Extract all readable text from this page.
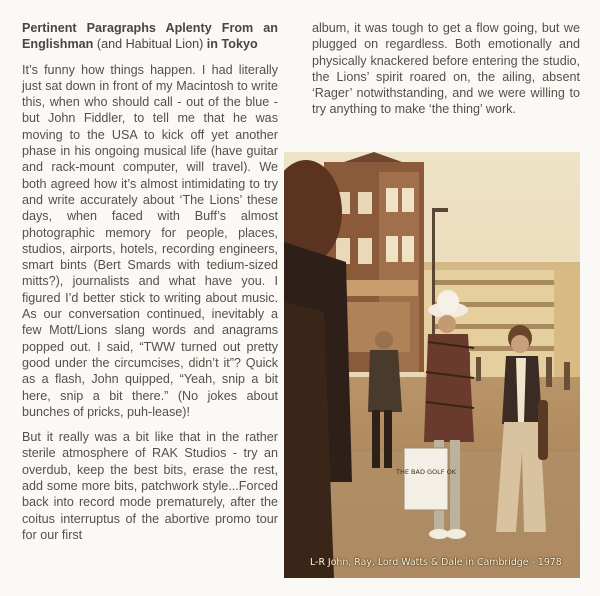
Pertinent Paragraphs Aplenty From an Englishman (and Habitual Lion) in Tokyo

It’s funny how things happen. I had literally just sat down in front of my Macintosh to write this, when who should call - out of the blue - but John Fiddler, to tell me that he was moving to the USA to kick off yet another phase in his ongoing musical life (have guitar and rack-mount computer, will travel). We both agreed how it’s almost intimidating to try and write accurately about ‘The Lions’ these days, when faced with Buff’s almost photographic memory for people, places, studios, airports, hotels, recording engineers, smart bints (Bert Smards with tedium-sized mitts?), journalists and what have you. I figured I’d better stick to writing about music. As our conversation continued, inevitably a few Mott/Lions slang words and anagrams popped out. I said, “TWW turned out pretty good under the circumcises, didn’t it”? Quick as a flash, John quipped, “Yeah, snip a bit here, snip a bit there.” (No jokes about bunches of pricks, puh-lease)!

But it really was a bit like that in the rather sterile atmosphere of RAK Studios - try an overdub, keep the best bits, erase the rest, add some more bits, patchwork style...Forced back into record mode prematurely, after the coitus interruptus of the abortive promo tour for our first

album, it was tough to get a flow going, but we plugged on regardless. Both emotionally and physically knackered before entering the studio, the Lions’ spirit roared on, the ailing, absent ‘Rager’ notwithstanding, and we were willing to try anything to make ‘the thing’ work.

THE BAD GOLF OK
L-R John, Ray, Lord Watts & Dale in Cambridge - 1978
